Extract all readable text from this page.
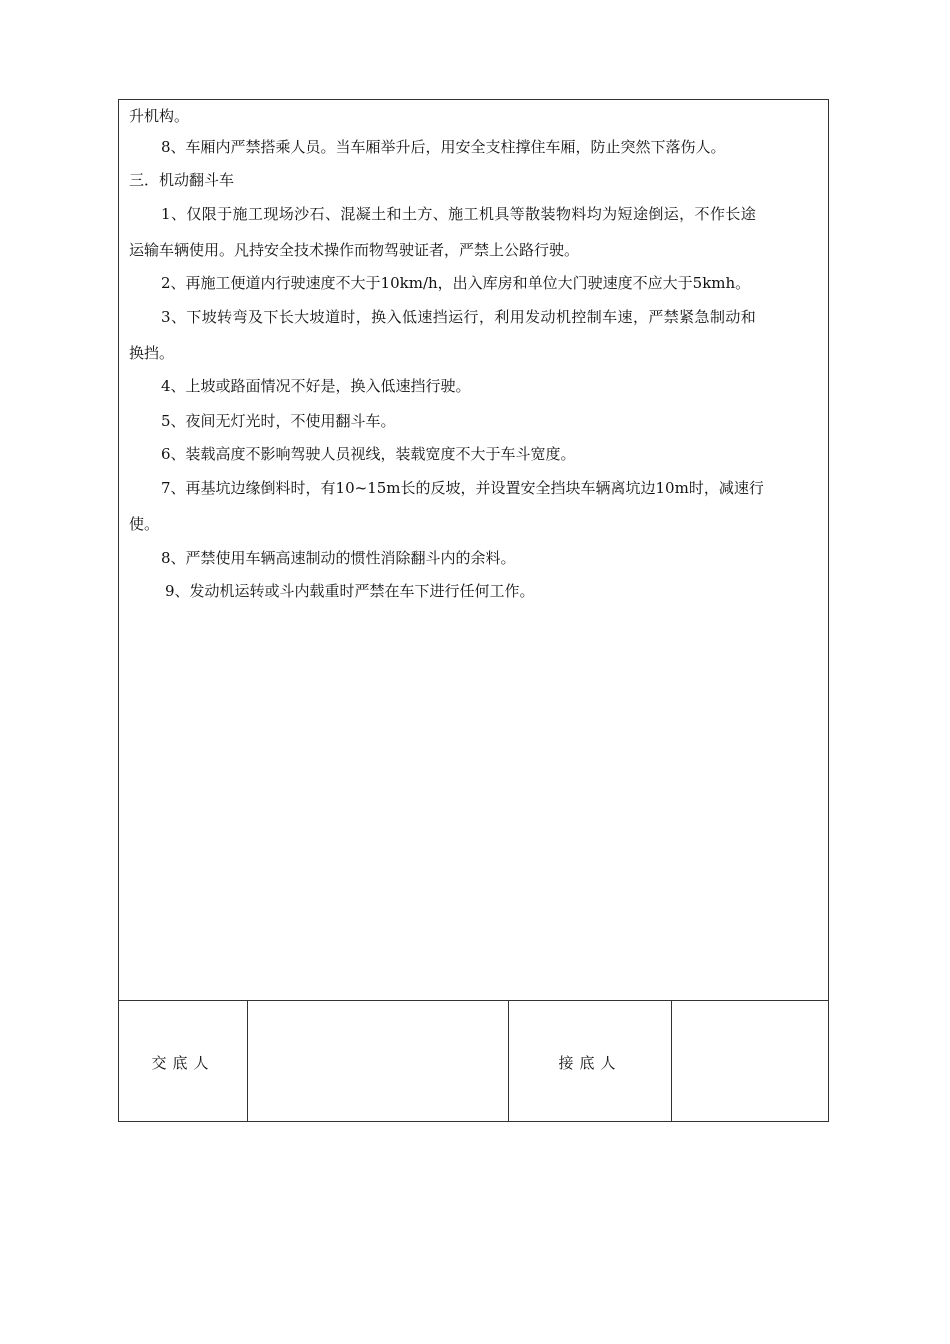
升机构。
8、车厢内严禁搭乘人员。当车厢举升后，用安全支柱撑住车厢，防止突然下落伤人。
三．机动翻斗车
1、仅限于施工现场沙石、混凝土和土方、施工机具等散装物料均为短途倒运，不作长途
运输车辆使用。凡持安全技术操作而物驾驶证者，严禁上公路行驶。
2、再施工便道内行驶速度不大于10km/h，出入库房和单位大门驶速度不应大于5kmh。
3、下坡转弯及下长大坡道时，换入低速挡运行，利用发动机控制车速，严禁紧急制动和
换挡。
4、上坡或路面情况不好是，换入低速挡行驶。
5、夜间无灯光时，不使用翻斗车。
6、装载高度不影响驾驶人员视线，装载宽度不大于车斗宽度。
7、再基坑边缘倒料时，有10~15m长的反坡，并设置安全挡块车辆离坑边10m时，减速行
使。
8、严禁使用车辆高速制动的惯性消除翻斗内的余料。
9、发动机运转或斗内载重时严禁在车下进行任何工作。
交底人	接底人
